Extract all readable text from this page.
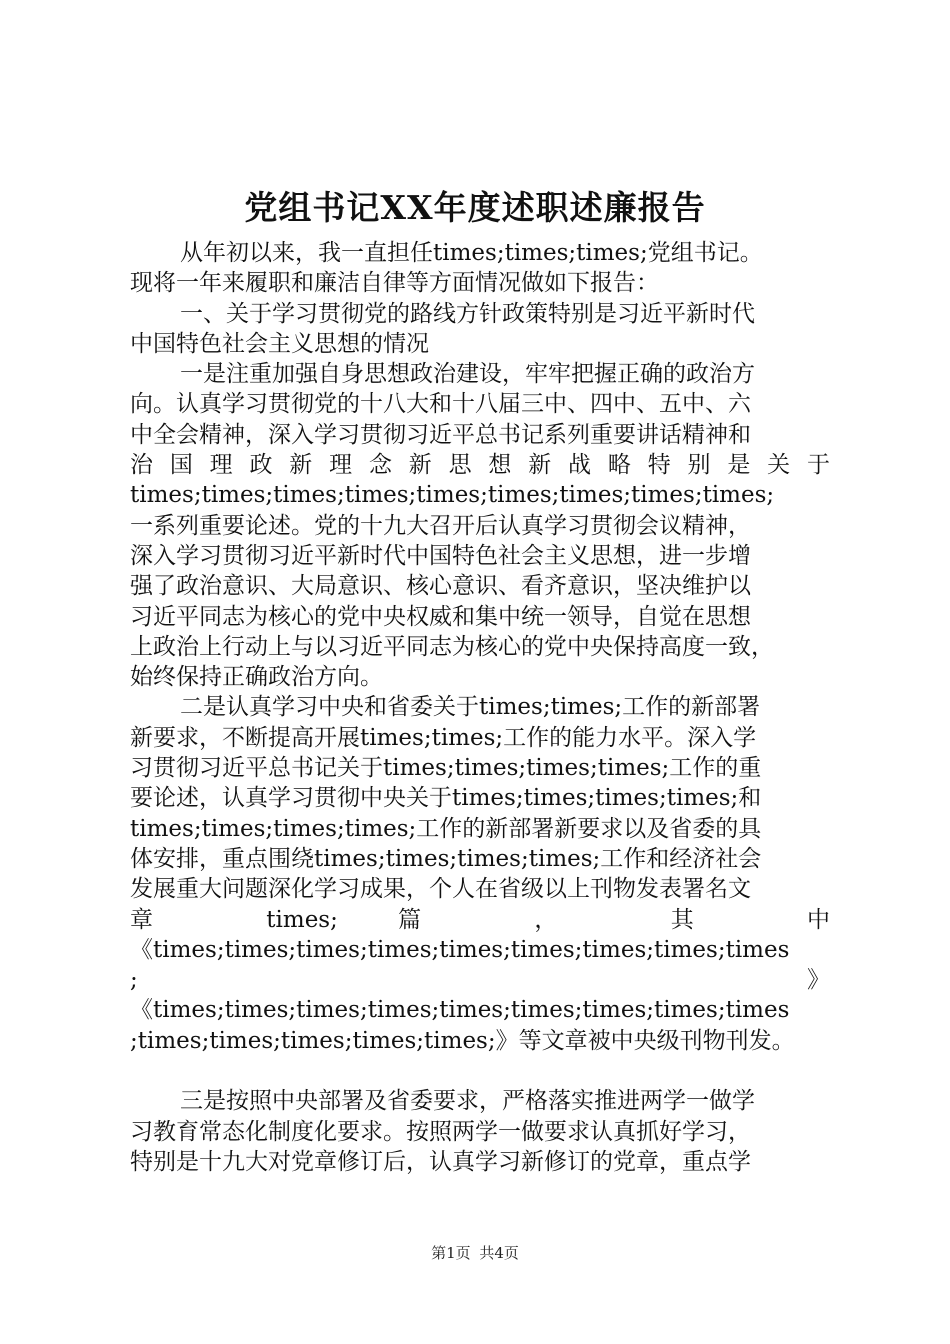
党组书记XX年度述职述廉报告
从年初以来，我一直担任times;times;times;党组书记。
现将一年来履职和廉洁自律等方面情况做如下报告：
一、关于学习贯彻党的路线方针政策特别是习近平新时代
中国特色社会主义思想的情况
一是注重加强自身思想政治建设，牢牢把握正确的政治方
向。认真学习贯彻党的十八大和十八届三中、四中、五中、六
中全会精神，深入学习贯彻习近平总书记系列重要讲话精神和
治 国 理 政 新 理 念 新 思 想 新 战 略 特 别 是 关 于
times;times;times;times;times;times;times;times;times;
一系列重要论述。党的十九大召开后认真学习贯彻会议精神，
深入学习贯彻习近平新时代中国特色社会主义思想，进一步增
强了政治意识、大局意识、核心意识、看齐意识，坚决维护以
习近平同志为核心的党中央权威和集中统一领导，自觉在思想
上政治上行动上与以习近平同志为核心的党中央保持高度一致，
始终保持正确政治方向。
二是认真学习中央和省委关于times;times;工作的新部署
新要求，不断提高开展times;times;工作的能力水平。深入学
习贯彻习近平总书记关于times;times;times;times;工作的重
要论述，认真学习贯彻中央关于times;times;times;times;和
times;times;times;times;工作的新部署新要求以及省委的具
体安排，重点围绕times;times;times;times;工作和经济社会
发展重大问题深化学习成果，个人在省级以上刊物发表署名文
章 times; 篇 ， 其 中
《times;times;times;times;times;times;times;times;times
; 》
《times;times;times;times;times;times;times;times;times
;times;times;times;times;times;》等文章被中央级刊物刊发。
三是按照中央部署及省委要求，严格落实推进两学一做学
习教育常态化制度化要求。按照两学一做要求认真抓好学习，
特别是十九大对党章修订后，认真学习新修订的党章，重点学
第1页 共4页
